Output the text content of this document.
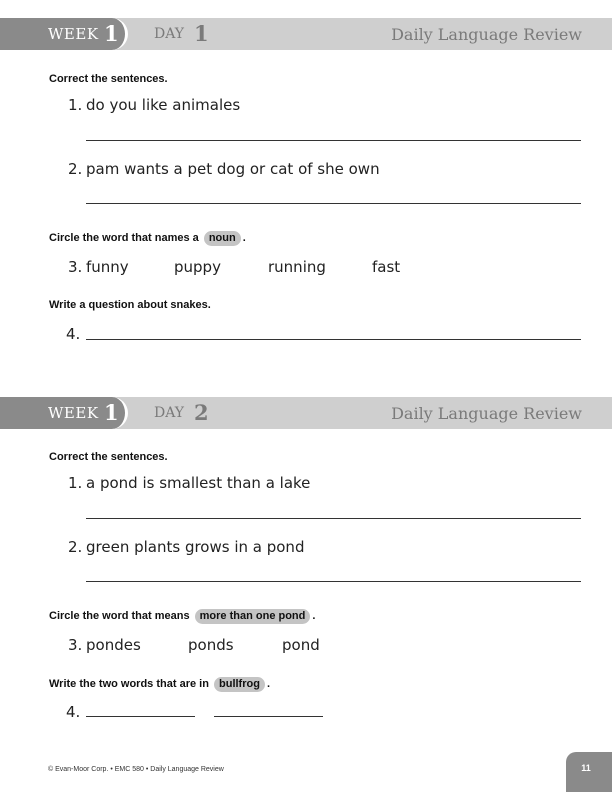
WEEK 1	DAY 1	Daily Language Review
Correct the sentences.
1. do you like animales
2. pam wants a pet dog or cat of she own
Circle the word that names a noun .
3. funny	puppy	running	fast
Write a question about snakes.
4.
WEEK 1	DAY 2	Daily Language Review
Correct the sentences.
1. a pond is smallest than a lake
2. green plants grows in a pond
Circle the word that means more than one pond .
3. pondes	ponds	pond
Write the two words that are in bullfrog .
4.
© Evan-Moor Corp. • EMC 580 • Daily Language Review	11
